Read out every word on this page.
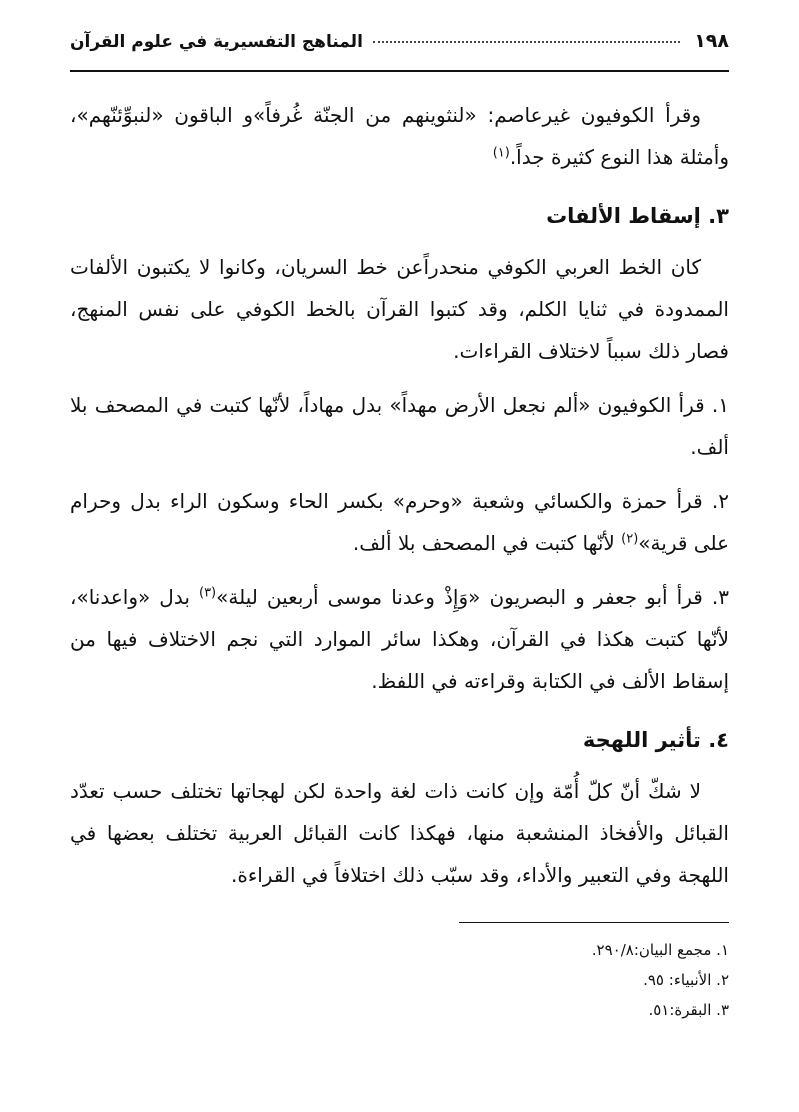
١٩٨
المناهج التفسيرية في علوم القرآن

وقرأ الكوفيون غيرعاصم: «لنثوينهم من الجنّة غُرفاً»و الباقون «لنبوِّئنّهم»، وأمثلة هذا النوع كثيرة جداً.$^{(١)}$

٣. إسقاط الألفات

كان الخط العربي الكوفي منحدراًعن خط السريان، وكانوا لا يكتبون الألفات الممدودة في ثنايا الكلم، وقد كتبوا القرآن بالخط الكوفي على نفس المنهج، فصار ذلك سبباً لاختلاف القراءات.

١. قرأ الكوفيون «ألم نجعل الأرض مهداً» بدل مهاداً، لأنّها كتبت في المصحف بلا ألف.

٢. قرأ حمزة والكسائي وشعبة «وحرم» بكسر الحاء وسكون الراء بدل وحرام على قرية»$^{(٢)}$ لأنّها كتبت في المصحف بلا ألف.

٣. قرأ أبو جعفر و البصريون «وَإِذْ وعدنا موسى أربعين ليلة»$^{(٣)}$ بدل «واعدنا»، لأنّها كتبت هكذا في القرآن، وهكذا سائر الموارد التي نجم الاختلاف فيها من إسقاط الألف في الكتابة وقراءته في اللفظ.

٤. تأثير اللهجة

لا شكّ أنّ كلّ أُمّة وإن كانت ذات لغة واحدة لكن لهجاتها تختلف حسب تعدّد القبائل والأفخاذ المنشعبة منها، فهكذا كانت القبائل العربية تختلف بعضها في اللهجة وفي التعبير والأداء، وقد سبّب ذلك اختلافاً في القراءة.

١. مجمع البيان:٢٩٠/٨.
٢. الأنبياء: ٩٥.
٣. البقرة:٥١.
